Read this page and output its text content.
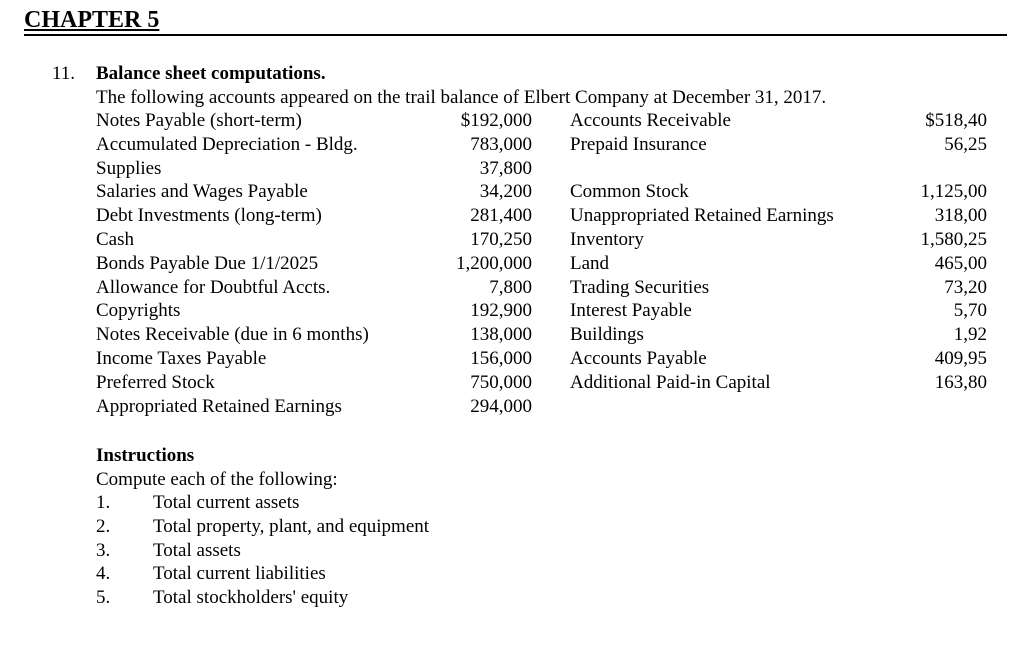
CHAPTER 5
11. Balance sheet computations.
The following accounts appeared on the trail balance of Elbert Company at December 31, 2017.
Notes Payable (short-term)	$192,000 Accounts Receivable	$518,40
Accumulated Depreciation - Bldg.	783,000 Prepaid Insurance	56,25
Supplies	37,800
Salaries and Wages Payable	34,200 Common Stock	1,125,00
Debt Investments (long-term)	281,400 Unappropriated Retained Earnings	318,00
Cash	170,250 Inventory	1,580,25
Bonds Payable Due 1/1/2025	1,200,000 Land	465,00
Allowance for Doubtful Accts.	7,800 Trading Securities	73,20
Copyrights	192,900 Interest Payable	5,70
Notes Receivable (due in 6 months)	138,000 Buildings	1,92
Income Taxes Payable	156,000 Accounts Payable	409,95
Preferred Stock	750,000 Additional Paid-in Capital	163,80
Appropriated Retained Earnings	294,000
Instructions
Compute each of the following:
1. Total current assets
2. Total property, plant, and equipment
3. Total assets
4. Total current liabilities
5. Total stockholders' equity
